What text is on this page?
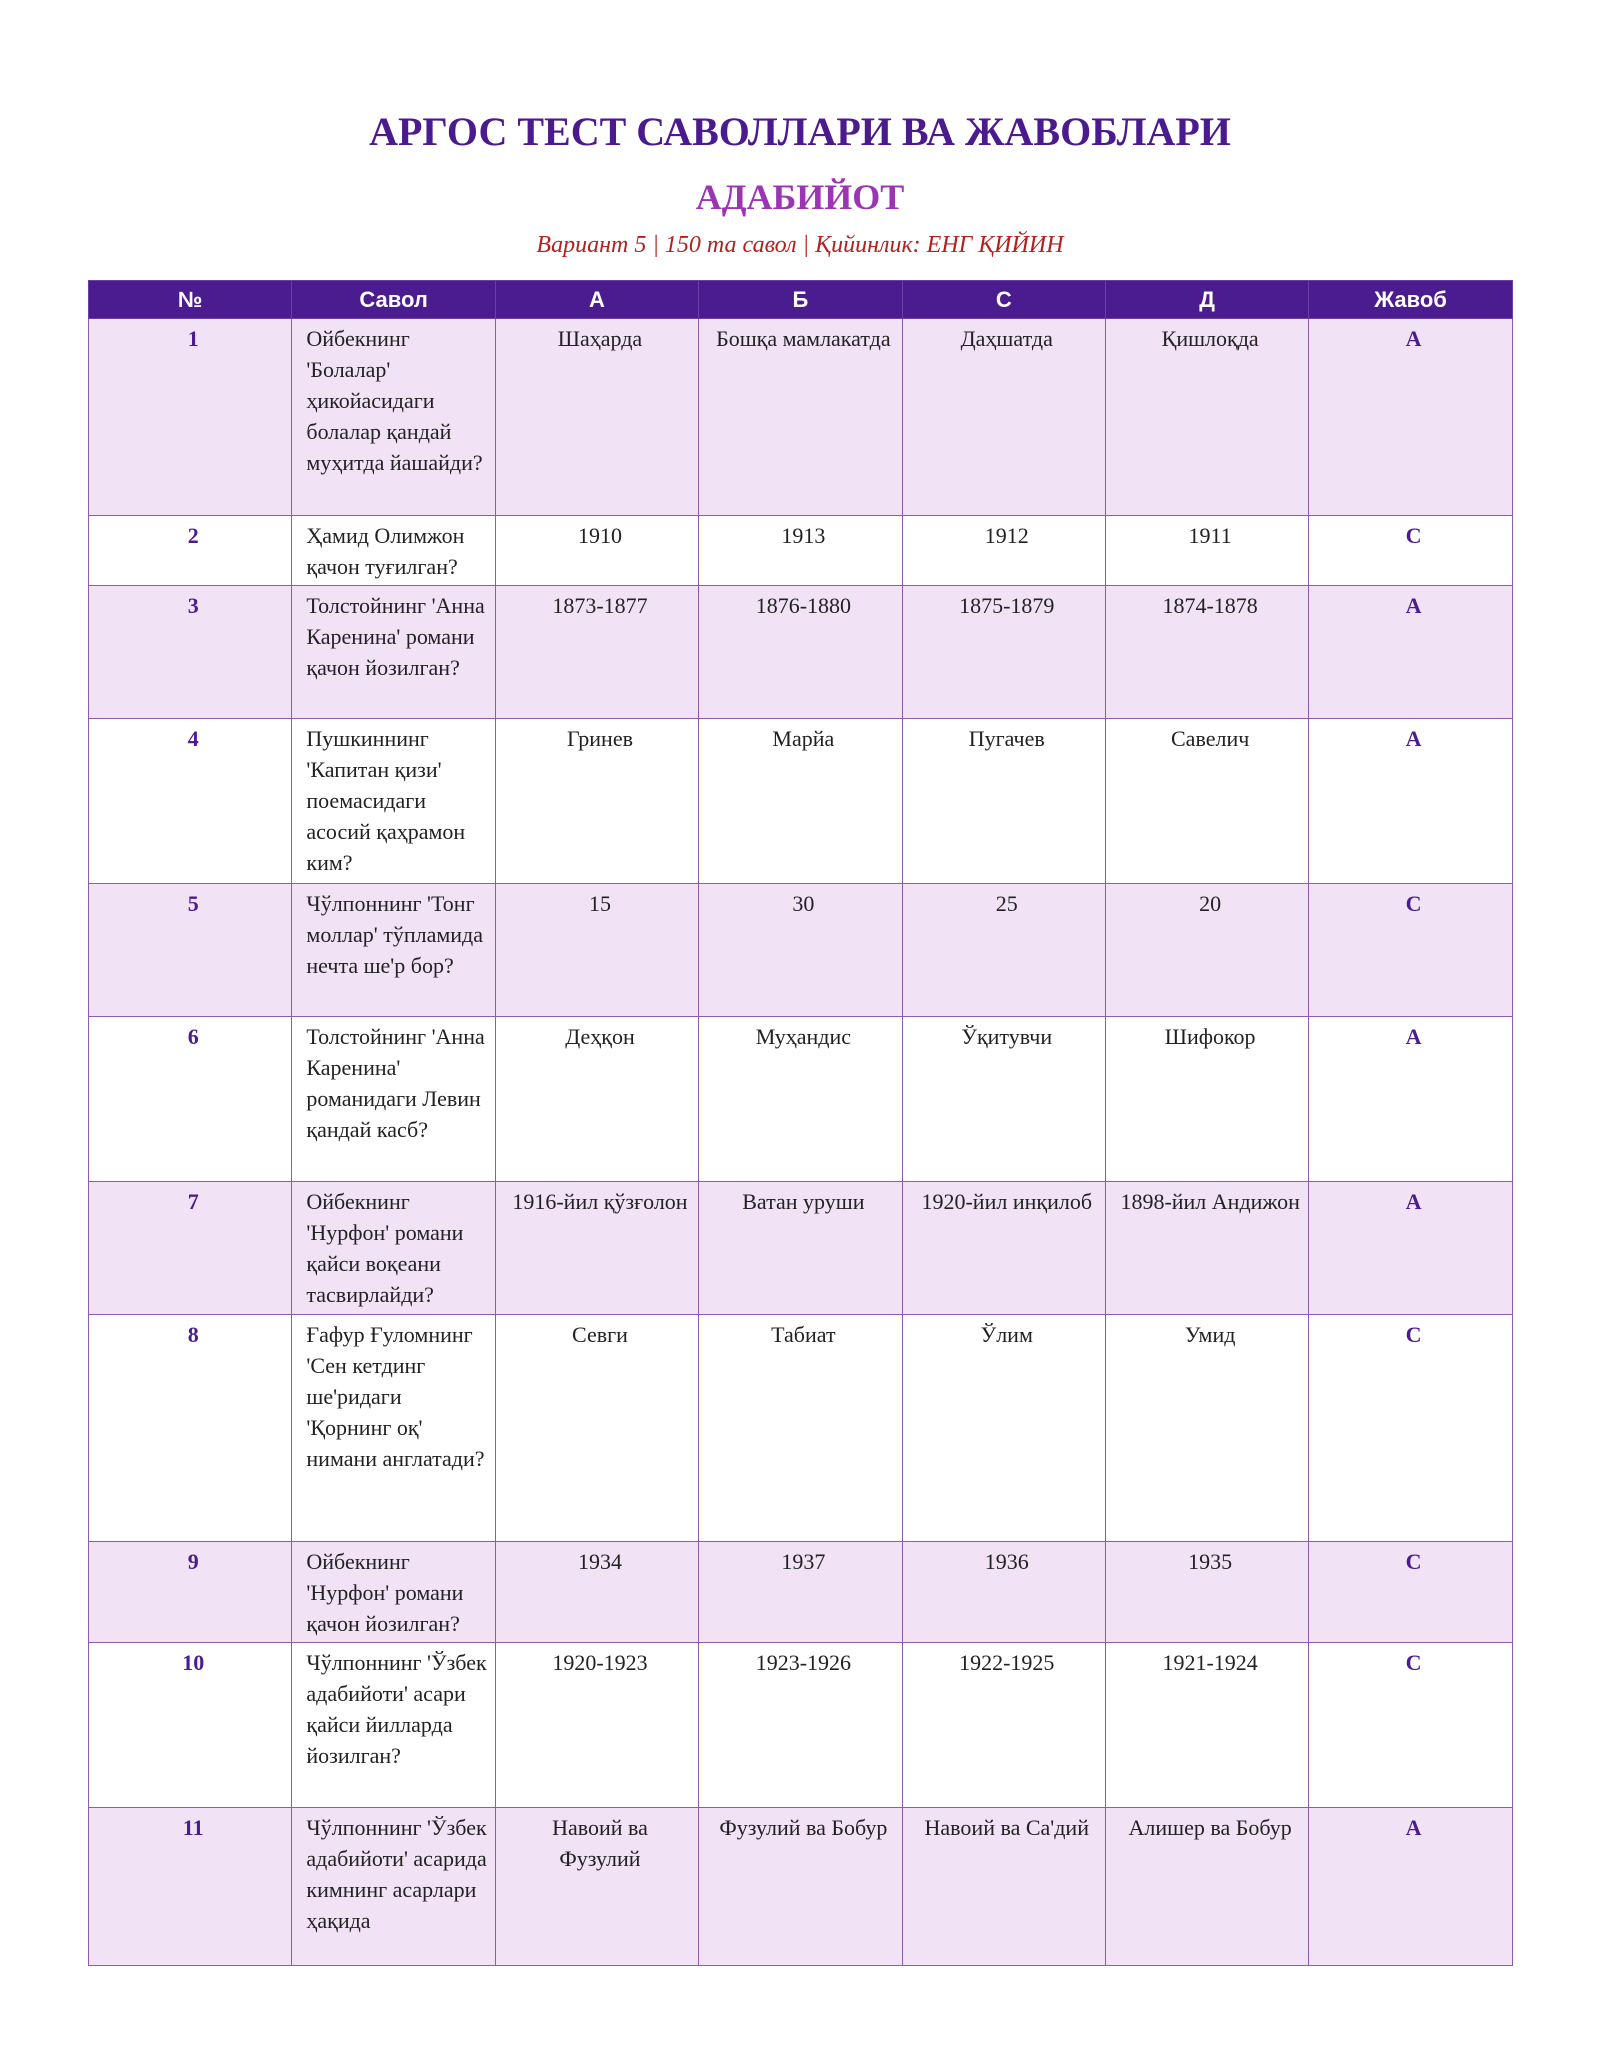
АРГОС ТЕСТ САВОЛЛАРИ ВА ЖАВОБЛАРИ
АДАБИЙОТ

Вариант 5 | 150 та савол | Қийинлик: ЕНГ ҚИЙИН

№	Савол	A	Б	C	Д	Жавоб
1	Ойбекнинг 'Болалар' ҳикойасидаги болалар қандай муҳитда йашайди?	Шаҳарда	Бошқа мамлакатда	Даҳшатда	Қишлоқда	A
2	Ҳамид Олимжон қачон туғилган?	1910	1913	1912	1911	C
3	Толстойнинг 'Анна Каренина' романи қачон йозилган?	1873-1877	1876-1880	1875-1879	1874-1878	A
4	Пушкиннинг 'Капитан қизи' поемасидаги асосий қаҳрамон ким?	Гринев	Марйа	Пугачев	Савелич	A
5	Чўлпоннинг 'Тонг моллар' тўпламида нечта ше'р бор?	15	30	25	20	C
6	Толстойнинг 'Анна Каренина' романидаги Левин қандай касб?	Деҳқон	Муҳандис	Ўқитувчи	Шифокор	A
7	Ойбекнинг 'Нурфон' романи қайси воқеани тасвирлайди?	1916-йил қўзғолон	Ватан уруши	1920-йил инқилоб	1898-йил Андижон	A
8	Ғафур Ғуломнинг 'Сен кетдинг ше'ридаги 'Қорнинг оқ' нимани англатади?	Севги	Табиат	Ўлим	Умид	C
9	Ойбекнинг 'Нурфон' романи қачон йозилган?	1934	1937	1936	1935	C
10	Чўлпоннинг 'Ўзбек адабийоти' асари қайси йилларда йозилган?	1920-1923	1923-1926	1922-1925	1921-1924	C
11	Чўлпоннинг 'Ўзбек адабийоти' асарида кимнинг асарлари ҳақида	Навоий ва Фузулий	Фузулий ва Бобур	Навоий ва Са'дий	Алишер ва Бобур	A
